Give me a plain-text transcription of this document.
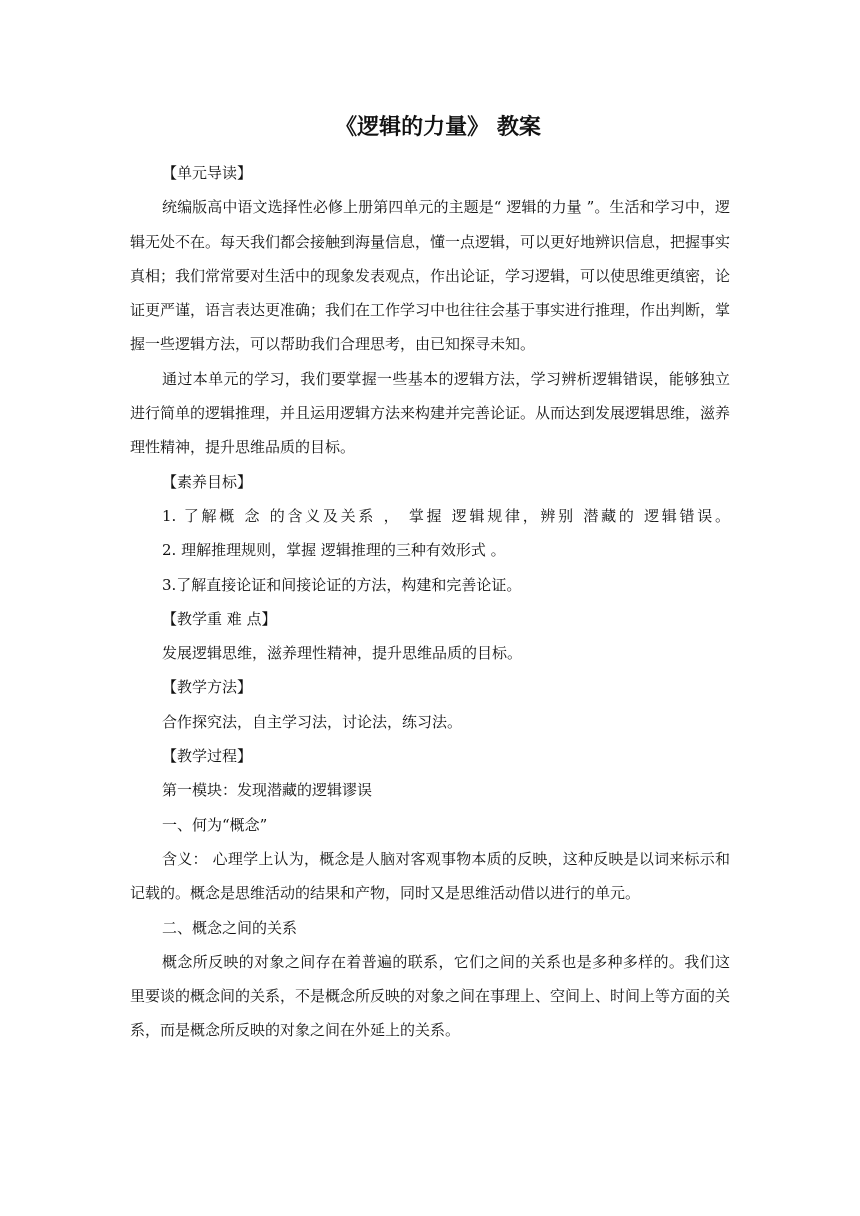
《逻辑的力量》 教案

【单元导读】

统编版高中语文选择性必修上册第四单元的主题是“ 逻辑的力量 ”。生活和学习中，逻辑无处不在。每天我们都会接触到海量信息，懂一点逻辑，可以更好地辨识信息，把握事实真相；我们常常要对生活中的现象发表观点，作出论证，学习逻辑，可以使思维更缜密，论证更严谨，语言表达更准确；我们在工作学习中也往往会基于事实进行推理，作出判断，掌握一些逻辑方法，可以帮助我们合理思考，由已知探寻未知。

通过本单元的学习，我们要掌握一些基本的逻辑方法，学习辨析逻辑错误，能够独立进行简单的逻辑推理，并且运用逻辑方法来构建并完善论证。从而达到发展逻辑思维，滋养理性精神，提升思维品质的目标。

【素养目标】

1. 了解概 念 的含义及关系 ， 掌握 逻辑规律，辨别 潜藏的 逻辑错误。

2. 理解推理规则，掌握 逻辑推理的三种有效形式 。

3.了解直接论证和间接论证的方法，构建和完善论证。

【教学重 难 点】

发展逻辑思维，滋养理性精神，提升思维品质的目标。

【教学方法】

合作探究法，自主学习法，讨论法，练习法。

【教学过程】

第一模块：发现潜藏的逻辑谬误

一、何为“概念”

含义： 心理学上认为，概念是人脑对客观事物本质的反映，这种反映是以词来标示和记载的。概念是思维活动的结果和产物，同时又是思维活动借以进行的单元。

二、概念之间的关系

概念所反映的对象之间存在着普遍的联系，它们之间的关系也是多种多样的。我们这里要谈的概念间的关系，不是概念所反映的对象之间在事理上、空间上、时间上等方面的关系，而是概念所反映的对象之间在外延上的关系。
